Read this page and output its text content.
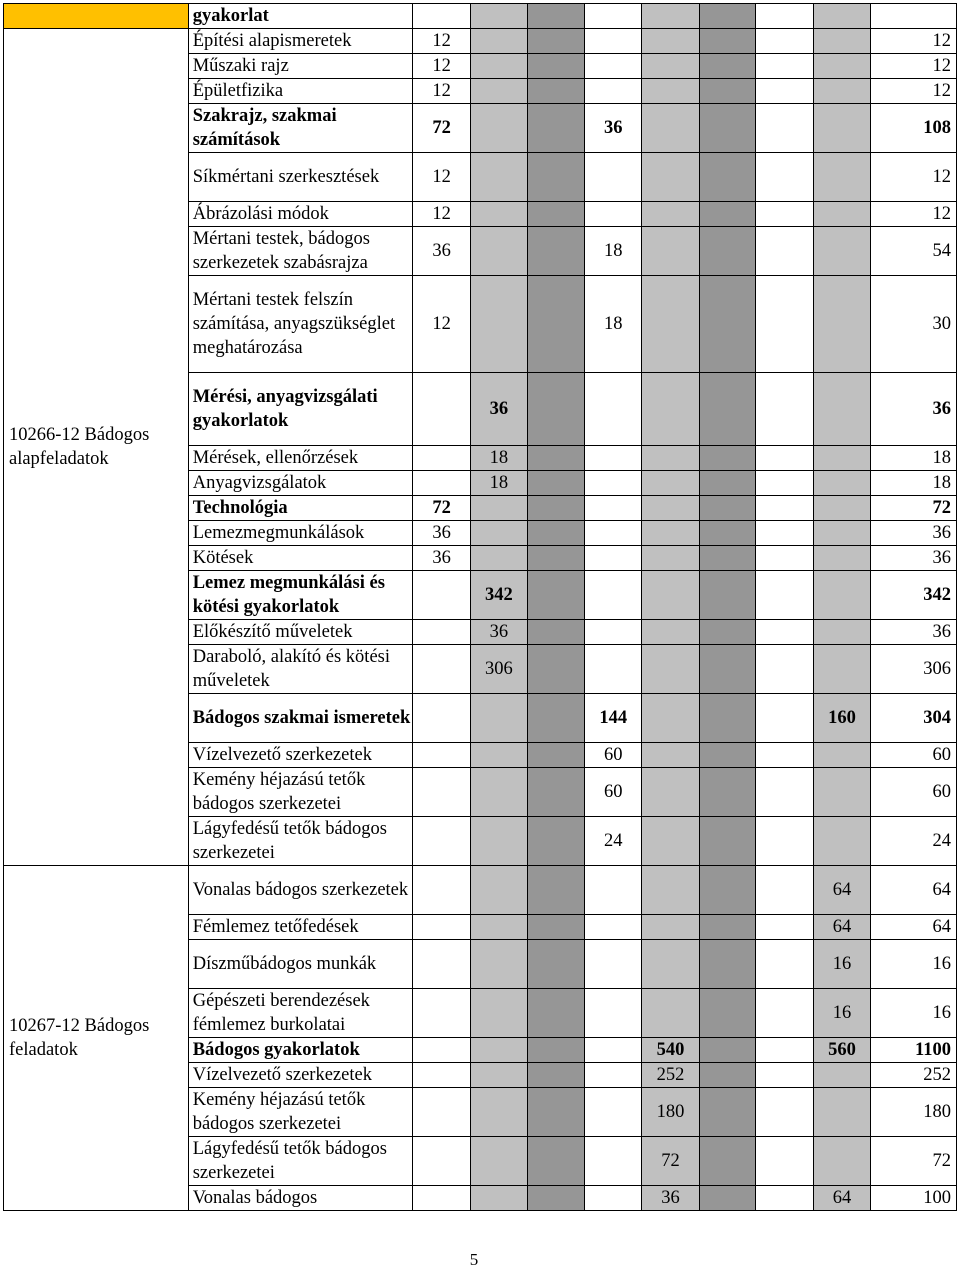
	gyakorlat									
10266-12 Bádogos alapfeladatok	Építési alapismeretek	12								12
	Műszaki rajz	12								12
	Épületfizika	12								12
	Szakrajz, szakmai számítások	72			36					108
	Síkmértani szerkesztések	12								12
	Ábrázolási módok	12								12
	Mértani testek, bádogos szerkezetek szabásrajza	36			18					54
	Mértani testek felszín számítása, anyagszükséglet meghatározása	12			18					30
	Mérési, anyagvizsgálati gyakorlatok		36							36
	Mérések, ellenőrzések		18							18
	Anyagvizsgálatok		18							18
	Technológia	72								72
	Lemezmegmunkálások	36								36
	Kötések	36								36
	Lemez megmunkálási és kötési gyakorlatok		342							342
	Előkészítő műveletek		36							36
	Daraboló, alakító és kötési műveletek		306							306
	Bádogos szakmai ismeretek				144				160	304
	Vízelvezető szerkezetek				60					60
	Kemény héjazású tetők bádogos szerkezetei				60					60
	Lágyfedésű tetők bádogos szerkezetei				24					24
10267-12 Bádogos feladatok	Vonalas bádogos szerkezetek								64	64
	Fémlemez tetőfedések								64	64
	Díszműbádogos munkák								16	16
	Gépészeti berendezések fémlemez burkolatai								16	16
	Bádogos gyakorlatok					540			560	1100
	Vízelvezető szerkezetek					252				252
	Kemény héjazású tetők bádogos szerkezetei					180				180
	Lágyfedésű tetők bádogos szerkezetei					72				72
	Vonalas bádogos					36			64	100
5
